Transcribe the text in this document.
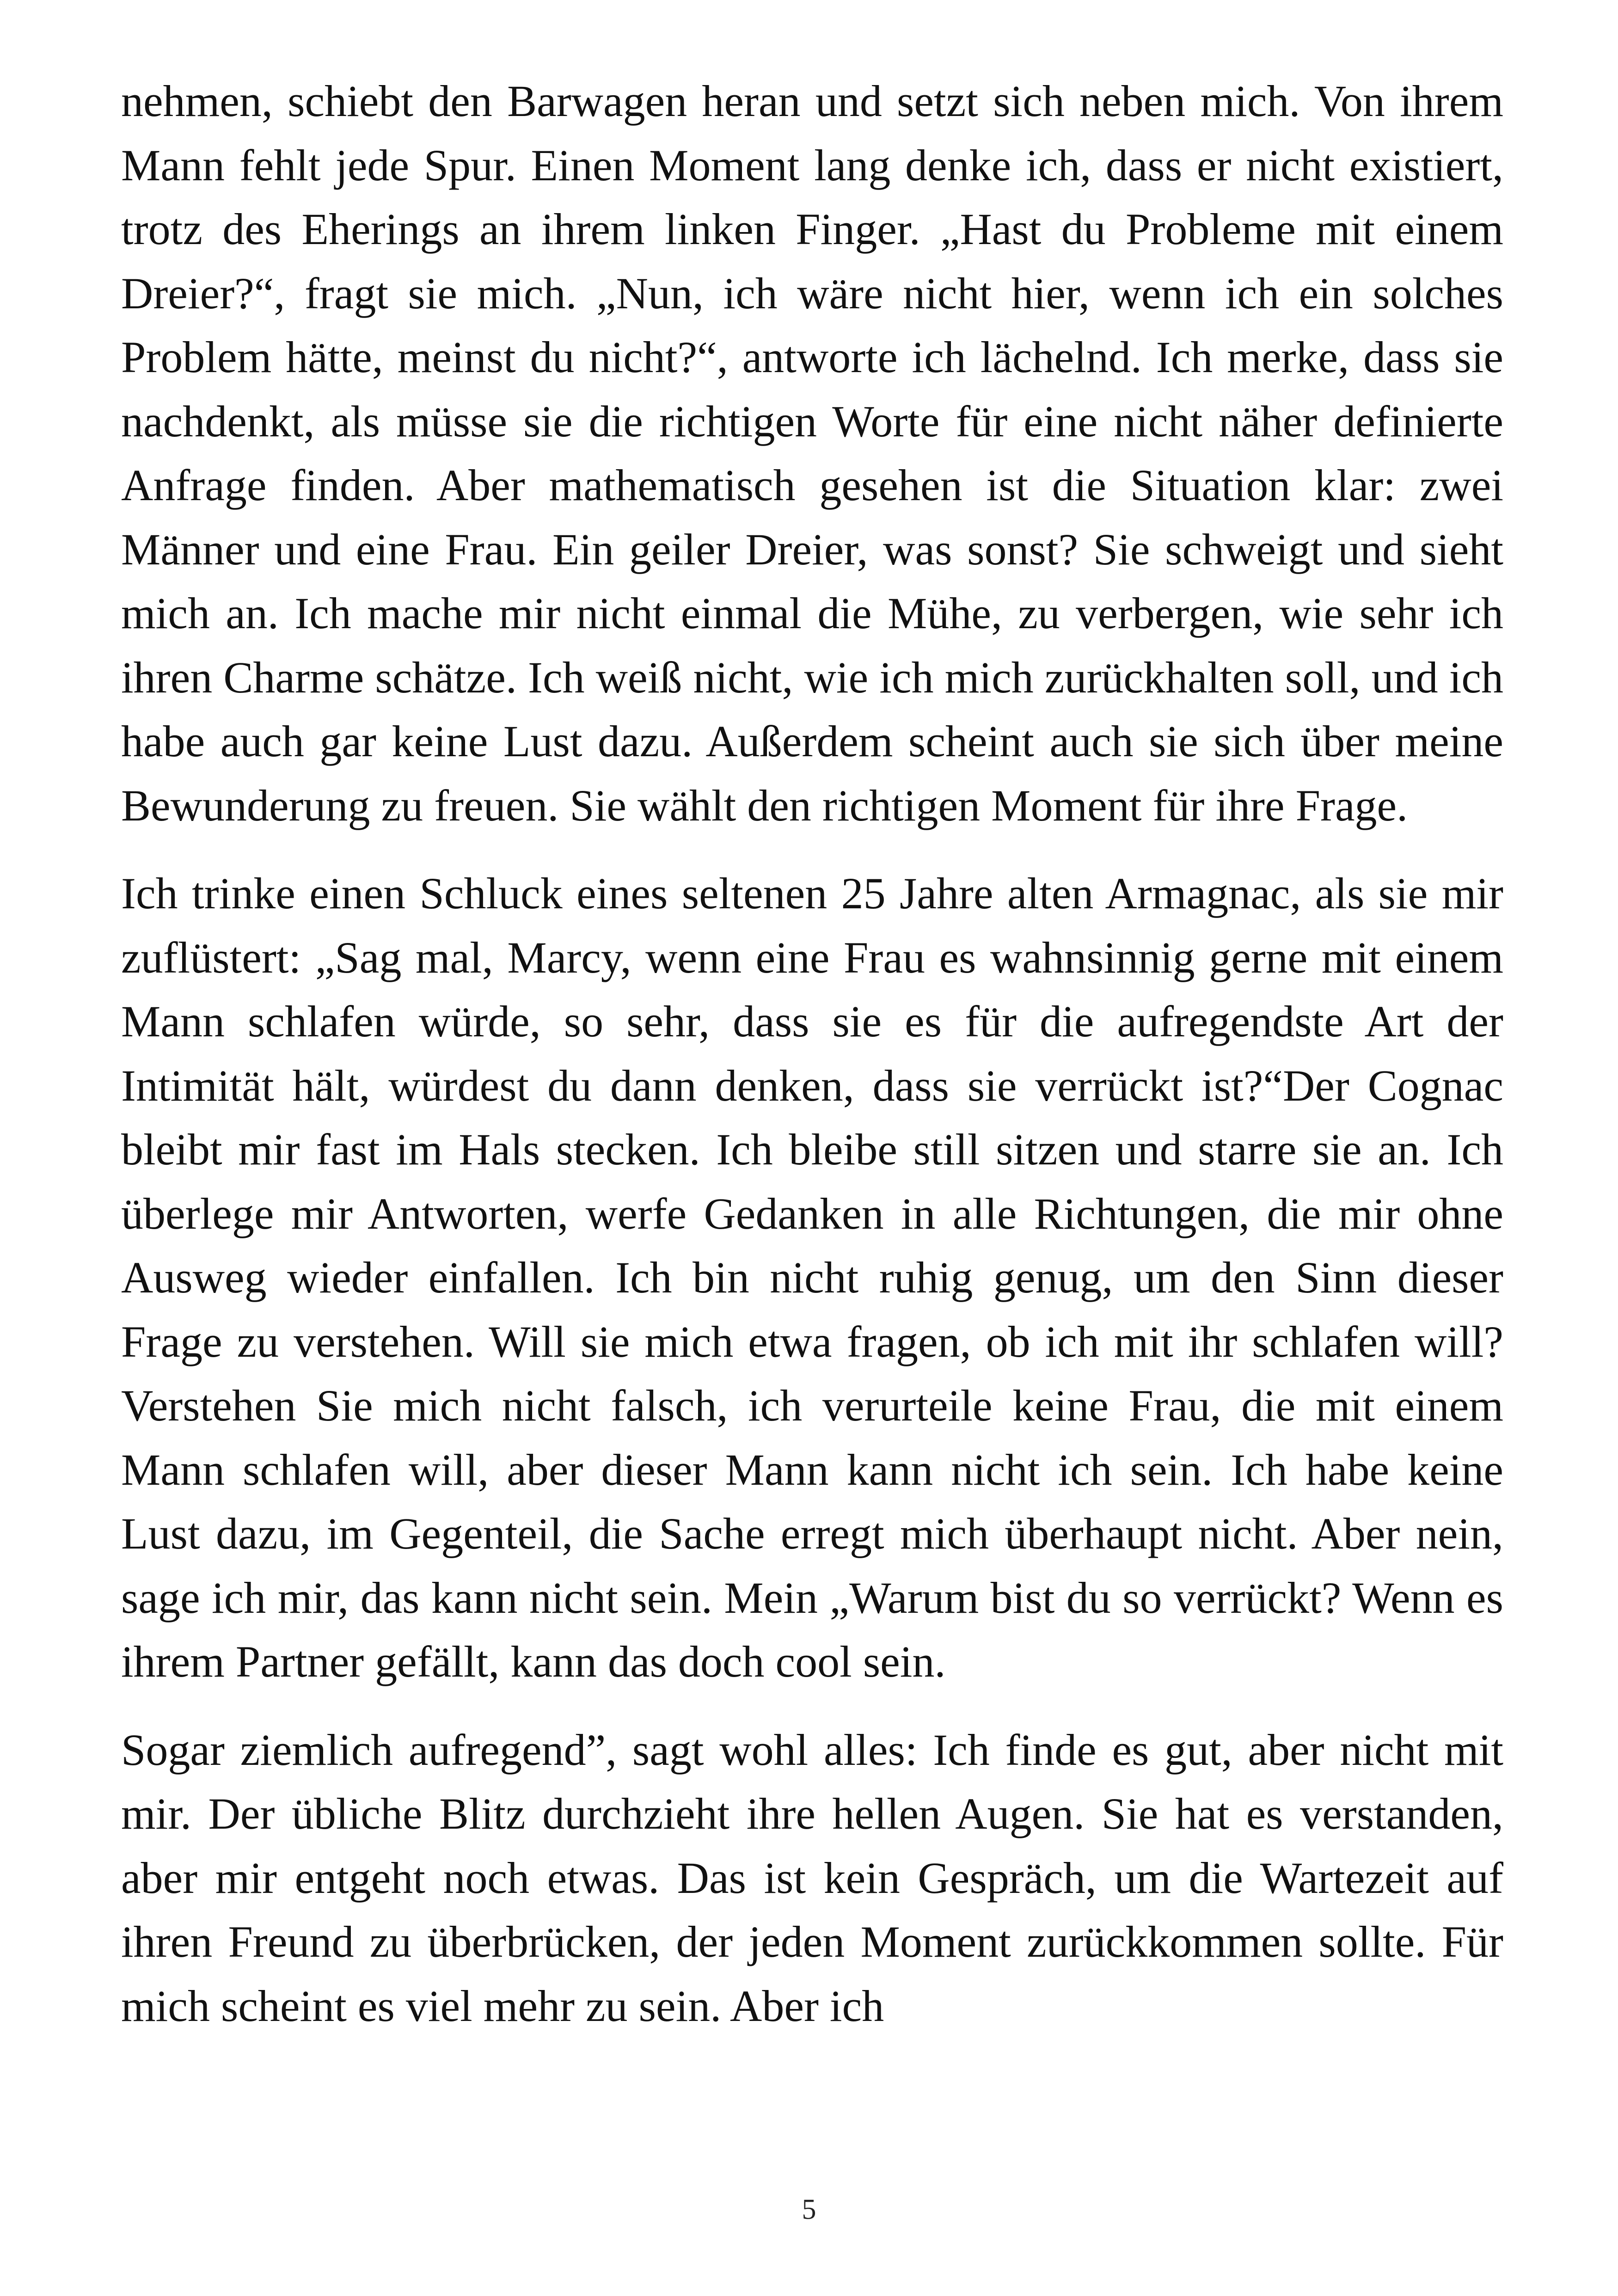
nehmen, schiebt den Barwagen heran und setzt sich neben mich. Von ihrem Mann fehlt jede Spur. Einen Moment lang denke ich, dass er nicht existiert, trotz des Eherings an ihrem linken Finger. „Hast du Probleme mit einem Dreier?“, fragt sie mich. „Nun, ich wäre nicht hier, wenn ich ein solches Problem hätte, meinst du nicht?“, antworte ich lächelnd. Ich merke, dass sie nachdenkt, als müsse sie die richtigen Worte für eine nicht näher definierte Anfrage finden. Aber mathematisch gesehen ist die Situation klar: zwei Männer und eine Frau. Ein geiler Dreier, was sonst? Sie schweigt und sieht mich an. Ich mache mir nicht einmal die Mühe, zu verbergen, wie sehr ich ihren Charme schätze. Ich weiß nicht, wie ich mich zurückhalten soll, und ich habe auch gar keine Lust dazu. Außerdem scheint auch sie sich über meine Bewunderung zu freuen. Sie wählt den richtigen Moment für ihre Frage.

Ich trinke einen Schluck eines seltenen 25 Jahre alten Armagnac, als sie mir zuflüstert: „Sag mal, Marcy, wenn eine Frau es wahnsinnig gerne mit einem Mann schlafen würde, so sehr, dass sie es für die aufregendste Art der Intimität hält, würdest du dann denken, dass sie verrückt ist?“Der Cognac bleibt mir fast im Hals stecken. Ich bleibe still sitzen und starre sie an. Ich überlege mir Antworten, werfe Gedanken in alle Richtungen, die mir ohne Ausweg wieder einfallen. Ich bin nicht ruhig genug, um den Sinn dieser Frage zu verstehen. Will sie mich etwa fragen, ob ich mit ihr schlafen will? Verstehen Sie mich nicht falsch, ich verurteile keine Frau, die mit einem Mann schlafen will, aber dieser Mann kann nicht ich sein. Ich habe keine Lust dazu, im Gegenteil, die Sache erregt mich überhaupt nicht. Aber nein, sage ich mir, das kann nicht sein. Mein „Warum bist du so verrückt? Wenn es ihrem Partner gefällt, kann das doch cool sein.

Sogar ziemlich aufregend”, sagt wohl alles: Ich finde es gut, aber nicht mit mir. Der übliche Blitz durchzieht ihre hellen Augen. Sie hat es verstanden, aber mir entgeht noch etwas. Das ist kein Gespräch, um die Wartezeit auf ihren Freund zu überbrücken, der jeden Moment zurückkommen sollte. Für mich scheint es viel mehr zu sein. Aber ich

5
